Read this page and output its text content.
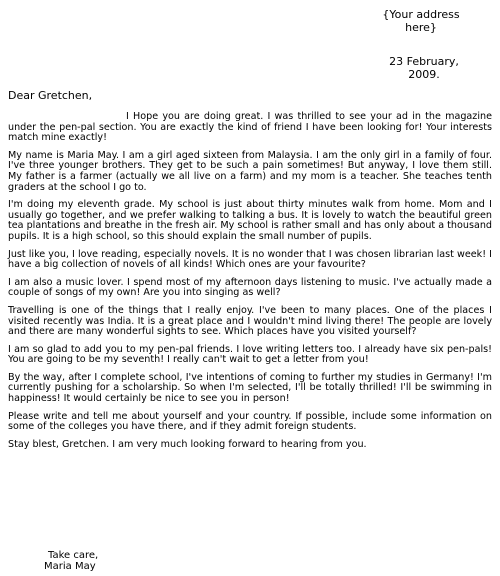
{Your address
here}
23 February,
2009.
Dear Gretchen,

I Hope you are doing great. I was thrilled to see your ad in the magazine under the pen-pal section. You are exactly the kind of friend I have been looking for! Your interests match mine exactly!

My name is Maria May. I am a girl aged sixteen from Malaysia. I am the only girl in a family of four. I've three younger brothers. They get to be such a pain sometimes! But anyway, I love them still. My father is a farmer (actually we all live on a farm) and my mom is a teacher. She teaches tenth graders at the school I go to.

I'm doing my eleventh grade. My school is just about thirty minutes walk from home. Mom and I usually go together, and we prefer walking to talking a bus. It is lovely to watch the beautiful green tea plantations and breathe in the fresh air. My school is rather small and has only about a thousand pupils. It is a high school, so this should explain the small number of pupils.

Just like you, I love reading, especially novels. It is no wonder that I was chosen librarian last week! I have a big collection of novels of all kinds! Which ones are your favourite?

I am also a music lover. I spend most of my afternoon days listening to music. I've actually made a couple of songs of my own! Are you into singing as well?

Travelling is one of the things that I really enjoy. I've been to many places. One of the places I visited recently was India. It is a great place and I wouldn't mind living there! The people are lovely and there are many wonderful sights to see. Which places have you visited yourself?

I am so glad to add you to my pen-pal friends. I love writing letters too. I already have six pen-pals! You are going to be my seventh! I really can't wait to get a letter from you!

By the way, after I complete school, I've intentions of coming to further my studies in Germany! I'm currently pushing for a scholarship. So when I'm selected, I'll be totally thrilled! I'll be swimming in happiness! It would certainly be nice to see you in person!

Please write and tell me about yourself and your country. If possible, include some information on some of the colleges you have there, and if they admit foreign students.

Stay blest, Gretchen. I am very much looking forward to hearing from you.

Take care,
Maria May
